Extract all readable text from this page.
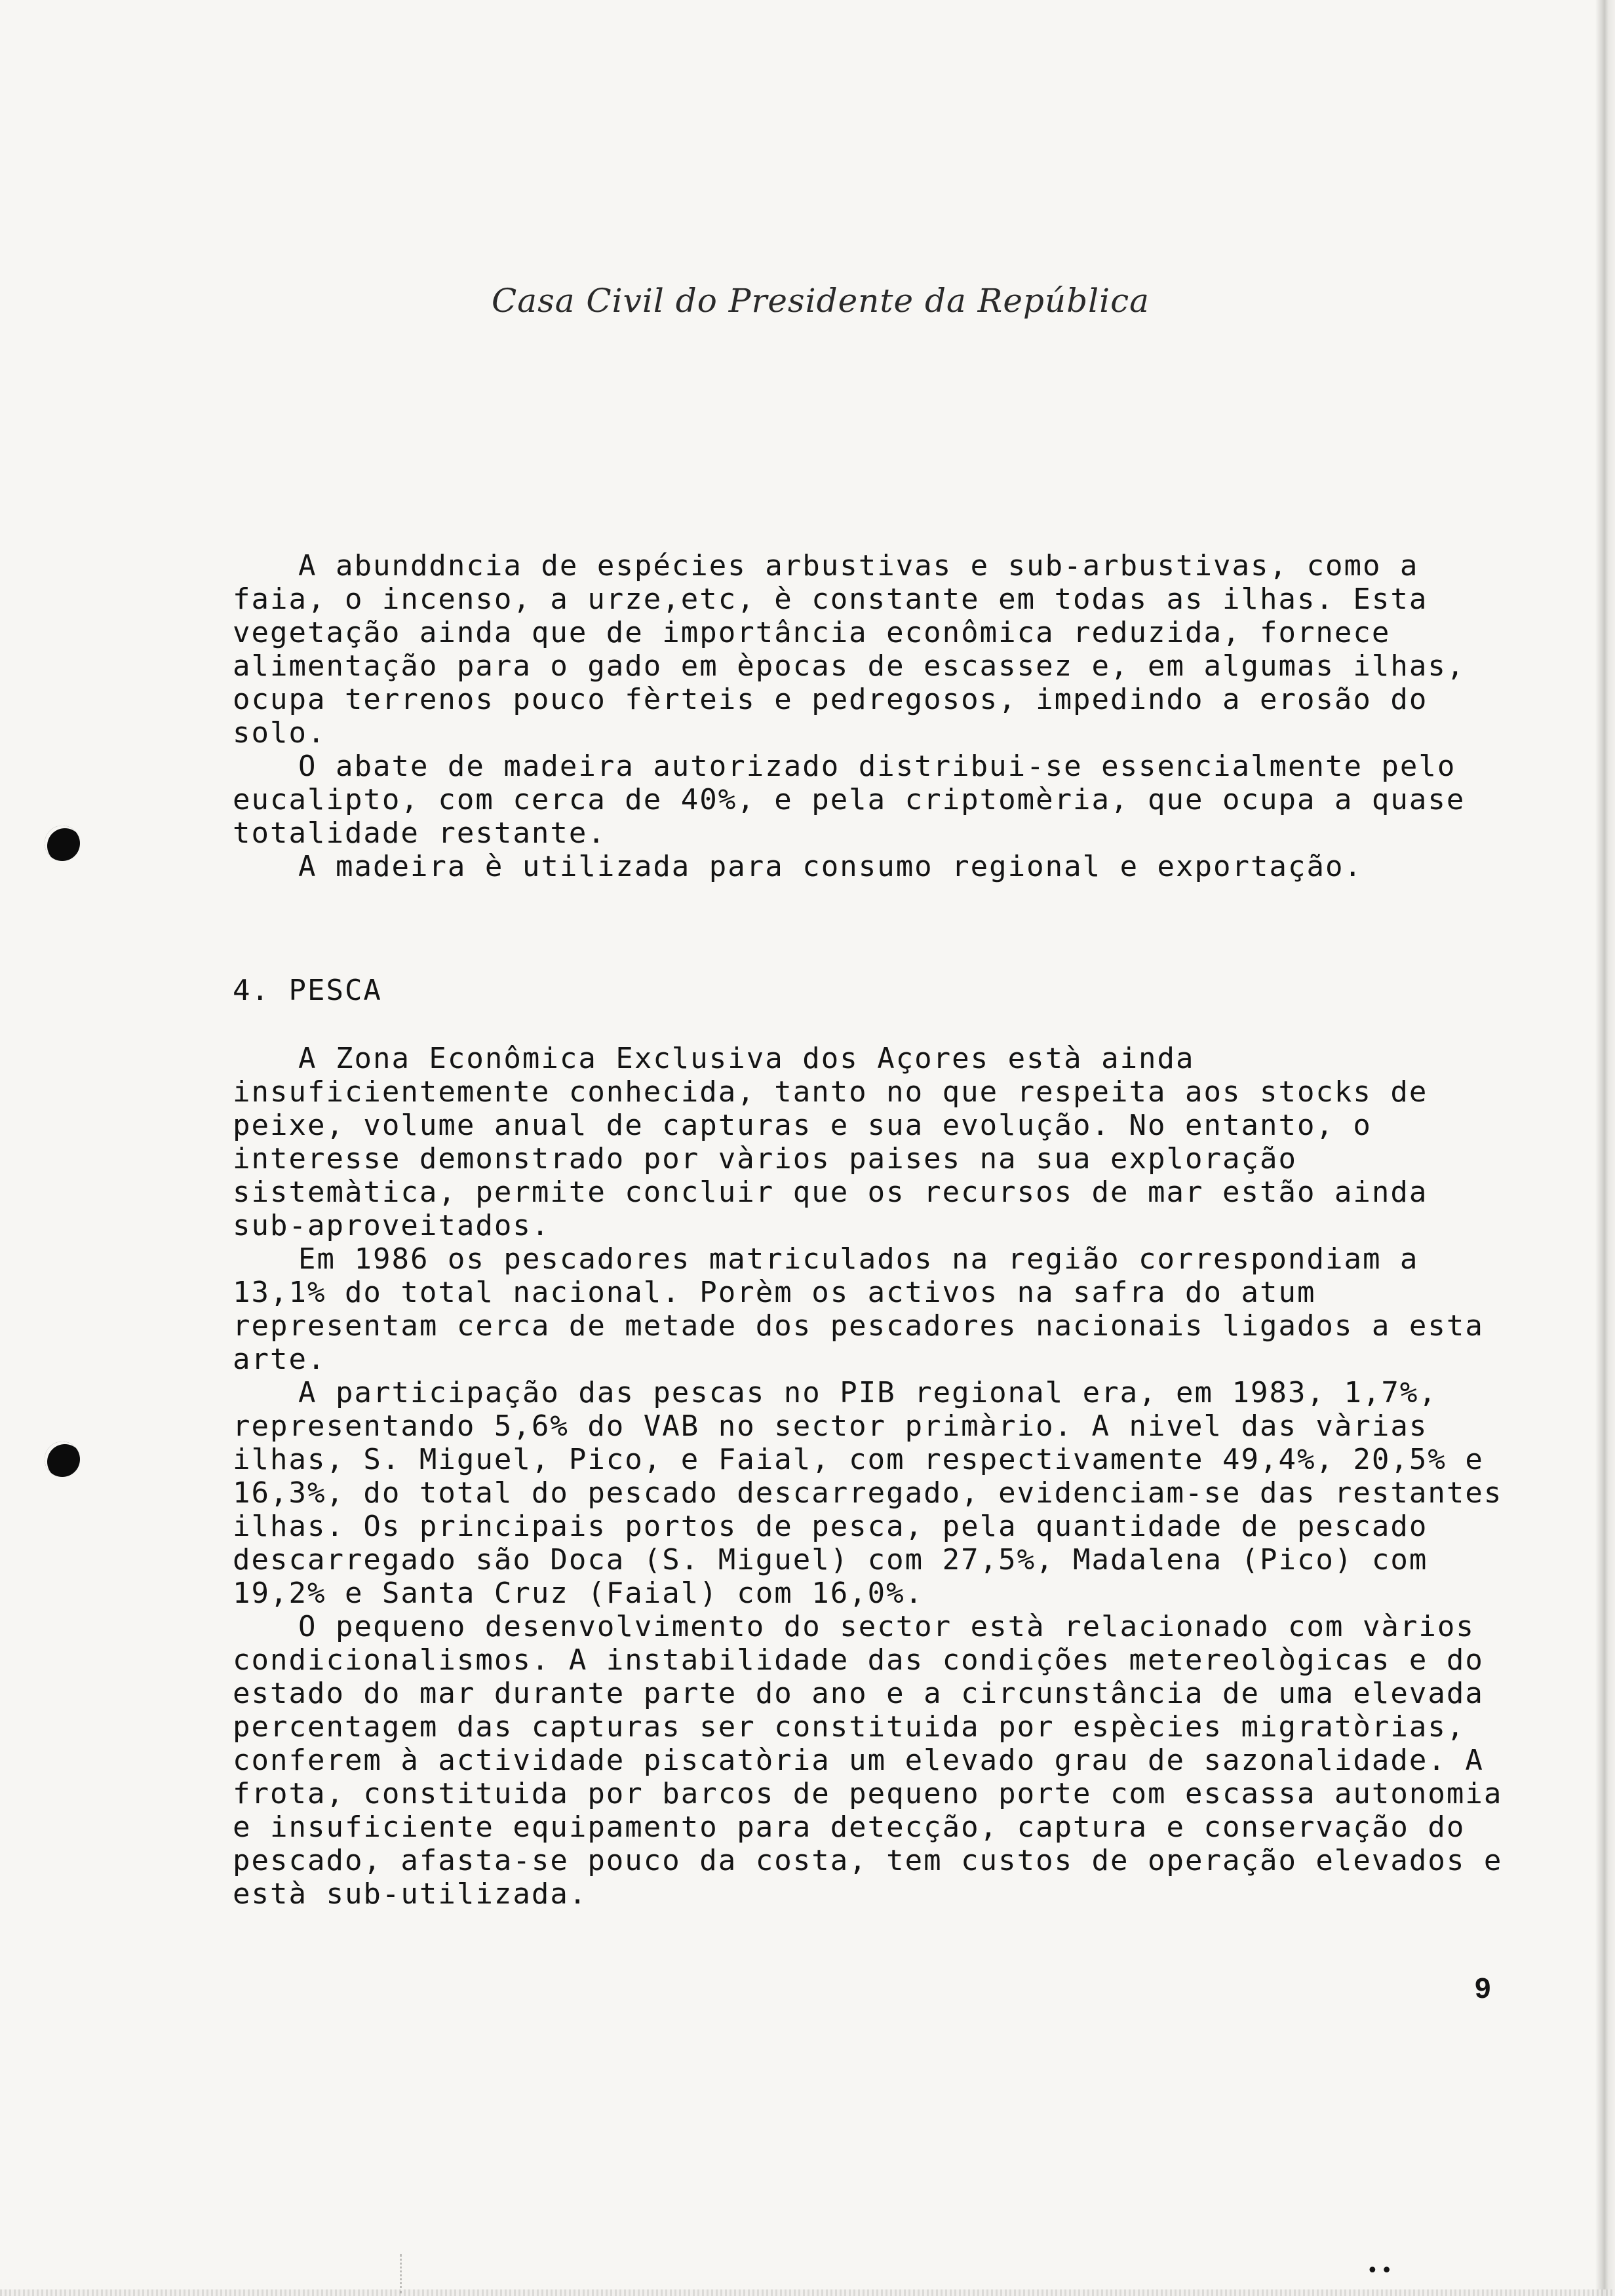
Casa Civil do Presidente da República

A abunddncia de espécies arbustivas e sub-arbustivas, como a faia, o incenso, a urze,etc, è constante em todas as ilhas. Esta vegetação ainda que de importância econômica reduzida, fornece alimentação para o gado em èpocas de escassez e, em algumas ilhas, ocupa terrenos pouco fèrteis e pedregosos, impedindo a erosão do solo.

O abate de madeira autorizado distribui-se essencialmente pelo eucalipto, com cerca de 40%, e pela criptomèria, que ocupa a quase totalidade restante.

A madeira è utilizada para consumo regional e exportação.

4. PESCA

A Zona Econômica Exclusiva dos Açores està ainda insuficientemente conhecida, tanto no que respeita aos stocks de peixe, volume anual de capturas e sua evolução. No entanto, o interesse demonstrado por vàrios paises na sua exploração sistemàtica, permite concluir que os recursos de mar estão ainda sub-aproveitados.

Em 1986 os pescadores matriculados na região correspondiam a 13,1% do total nacional. Porèm os activos na safra do atum representam cerca de metade dos pescadores nacionais ligados a esta arte.

A participação das pescas no PIB regional era, em 1983, 1,7%, representando 5,6% do VAB no sector primàrio. A nivel das vàrias ilhas, S. Miguel, Pico, e Faial, com respectivamente 49,4%, 20,5% e 16,3%, do total do pescado descarregado, evidenciam-se das restantes ilhas. Os principais portos de pesca, pela quantidade de pescado descarregado são Doca (S. Miguel) com 27,5%, Madalena (Pico) com 19,2% e Santa Cruz (Faial) com 16,0%.

O pequeno desenvolvimento do sector està relacionado com vàrios condicionalismos. A instabilidade das condições metereològicas e do estado do mar durante parte do ano e a circunstância de uma elevada percentagem das capturas ser constituida por espècies migratòrias, conferem à actividade piscatòria um elevado grau de sazonalidade. A frota, constituida por barcos de pequeno porte com escassa autonomia e insuficiente equipamento para detecção, captura e conservação do pescado, afasta-se pouco da costa, tem custos de operação elevados e està sub-utilizada.

9
••
